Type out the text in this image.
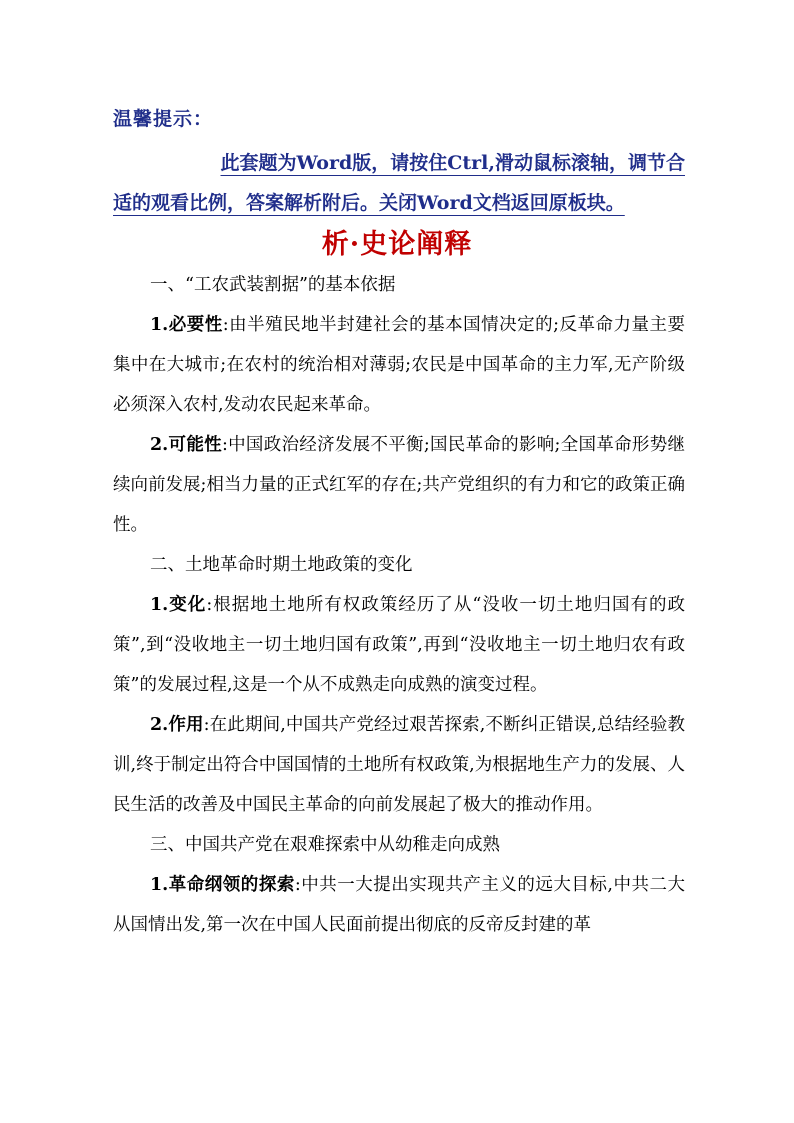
温馨提示：
此套题为Word版，请按住Ctrl,滑动鼠标滚轴，调节合
适的观看比例，答案解析附后。关闭Word文档返回原板块。
析·史论阐释

一、“工农武装割据”的基本依据

1.必要性:由半殖民地半封建社会的基本国情决定的;反革命力量主要集中在大城市;在农村的统治相对薄弱;农民是中国革命的主力军,无产阶级必须深入农村,发动农民起来革命。

2.可能性:中国政治经济发展不平衡;国民革命的影响;全国革命形势继续向前发展;相当力量的正式红军的存在;共产党组织的有力和它的政策正确性。

二、土地革命时期土地政策的变化

1.变化:根据地土地所有权政策经历了从“没收一切土地归国有的政策”,到“没收地主一切土地归国有政策”,再到“没收地主一切土地归农有政策”的发展过程,这是一个从不成熟走向成熟的演变过程。

2.作用:在此期间,中国共产党经过艰苦探索,不断纠正错误,总结经验教训,终于制定出符合中国国情的土地所有权政策,为根据地生产力的发展、人民生活的改善及中国民主革命的向前发展起了极大的推动作用。

三、中国共产党在艰难探索中从幼稚走向成熟

1.革命纲领的探索:中共一大提出实现共产主义的远大目标,中共二大从国情出发,第一次在中国人民面前提出彻底的反帝反封建的革
